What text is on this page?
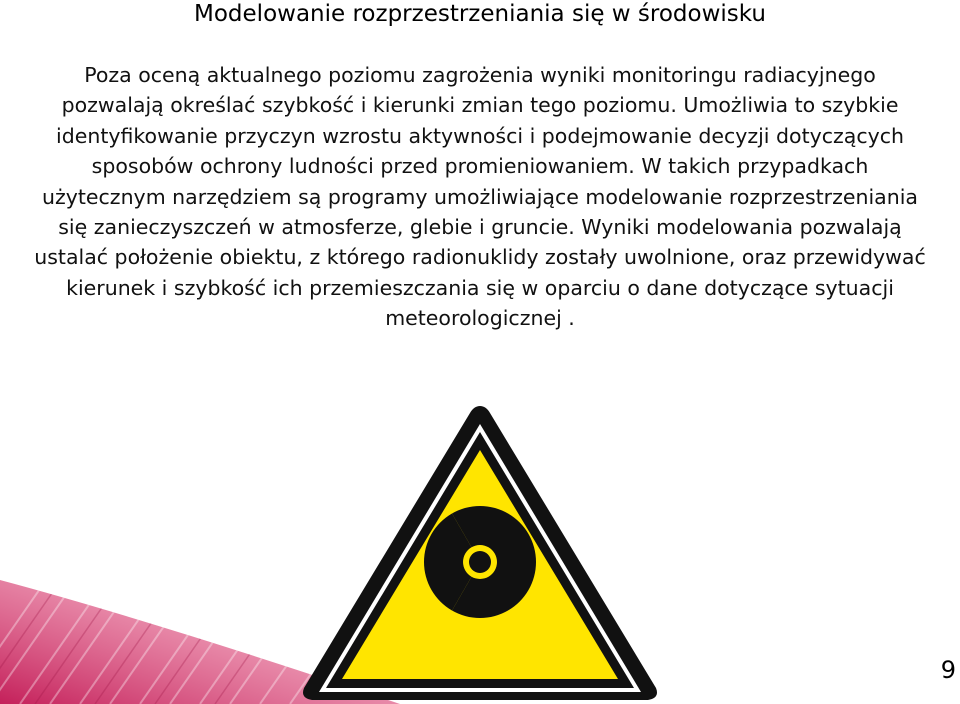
Modelowanie rozprzestrzeniania się w środowisku

Poza oceną aktualnego poziomu zagrożenia wyniki monitoringu radiacyjnego pozwalają określać szybkość i kierunki zmian tego poziomu. Umożliwia to szybkie identyfikowanie przyczyn wzrostu aktywności i podejmowanie decyzji dotyczących sposobów ochrony ludności przed promieniowaniem. W takich przypadkach użytecznym narzędziem są programy umożliwiające modelowanie rozprzestrzeniania się zanieczyszczeń w atmosferze, glebie i gruncie. Wyniki modelowania pozwalają ustalać położenie obiektu, z którego radionuklidy zostały uwolnione, oraz przewidywać kierunek i szybkość ich przemieszczania się w oparciu o dane dotyczące sytuacji meteorologicznej .

9
